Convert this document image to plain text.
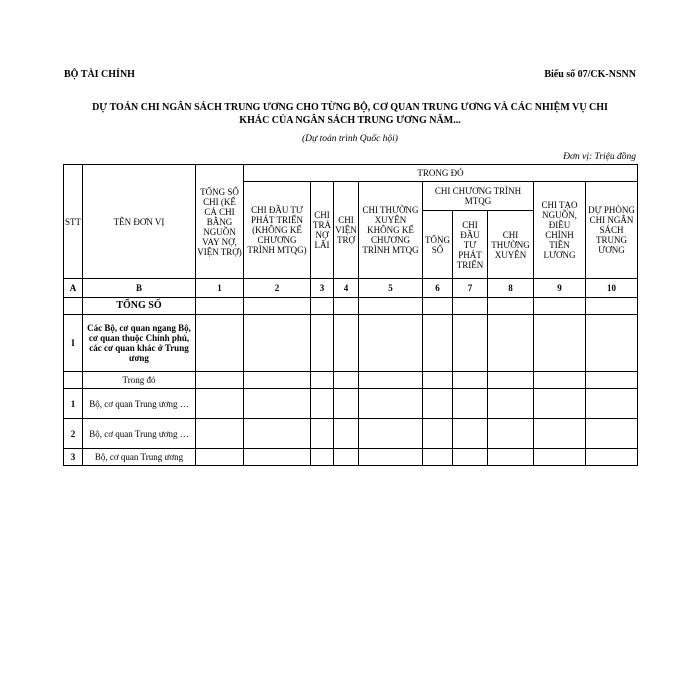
BỘ TÀI CHÍNH	Biểu số 07/CK-NSNN
DỰ TOÁN CHI NGÂN SÁCH TRUNG ƯƠNG CHO TỪNG BỘ, CƠ QUAN TRUNG ƯƠNG VÀ CÁC NHIỆM VỤ CHI
KHÁC CỦA NGÂN SÁCH TRUNG ƯƠNG NĂM...
(Dự toán trình Quốc hội)
Đơn vị: Triệu đồng
STT	TÊN ĐƠN VỊ	TỔNG SỐ CHI (KỂ CẢ CHI BẰNG NGUỒN VAY NỢ, VIỆN TRỢ)	TRONG ĐÓ								
			CHI ĐẦU TƯ PHÁT TRIỂN (KHÔNG KỂ CHƯƠNG TRÌNH MTQG)	CHI TRẢ NỢ LÃI	CHI VIỆN TRỢ	CHI THƯỜNG XUYÊN KHÔNG KỂ CHƯƠNG TRÌNH MTQG	CHI CHƯƠNG TRÌNH MTQG			CHI TẠO NGUỒN, ĐIỀU CHỈNH TIỀN LƯƠNG	DỰ PHÒNG CHI NGÂN SÁCH TRUNG ƯƠNG
							TỔNG SỐ	CHI ĐẦU TƯ PHÁT TRIỂN	CHI THƯỜNG XUYÊN		
A	B	1	2	3	4	5	6	7	8	9	10
	TỔNG SỐ										
I	Các Bộ, cơ quan ngang Bộ, cơ quan thuộc Chính phủ, các cơ quan khác ở Trung ương										
	Trong đó										
1	Bộ, cơ quan Trung ương …										
2	Bộ, cơ quan Trung ương …										
3	Bộ, cơ quan Trung ương										
